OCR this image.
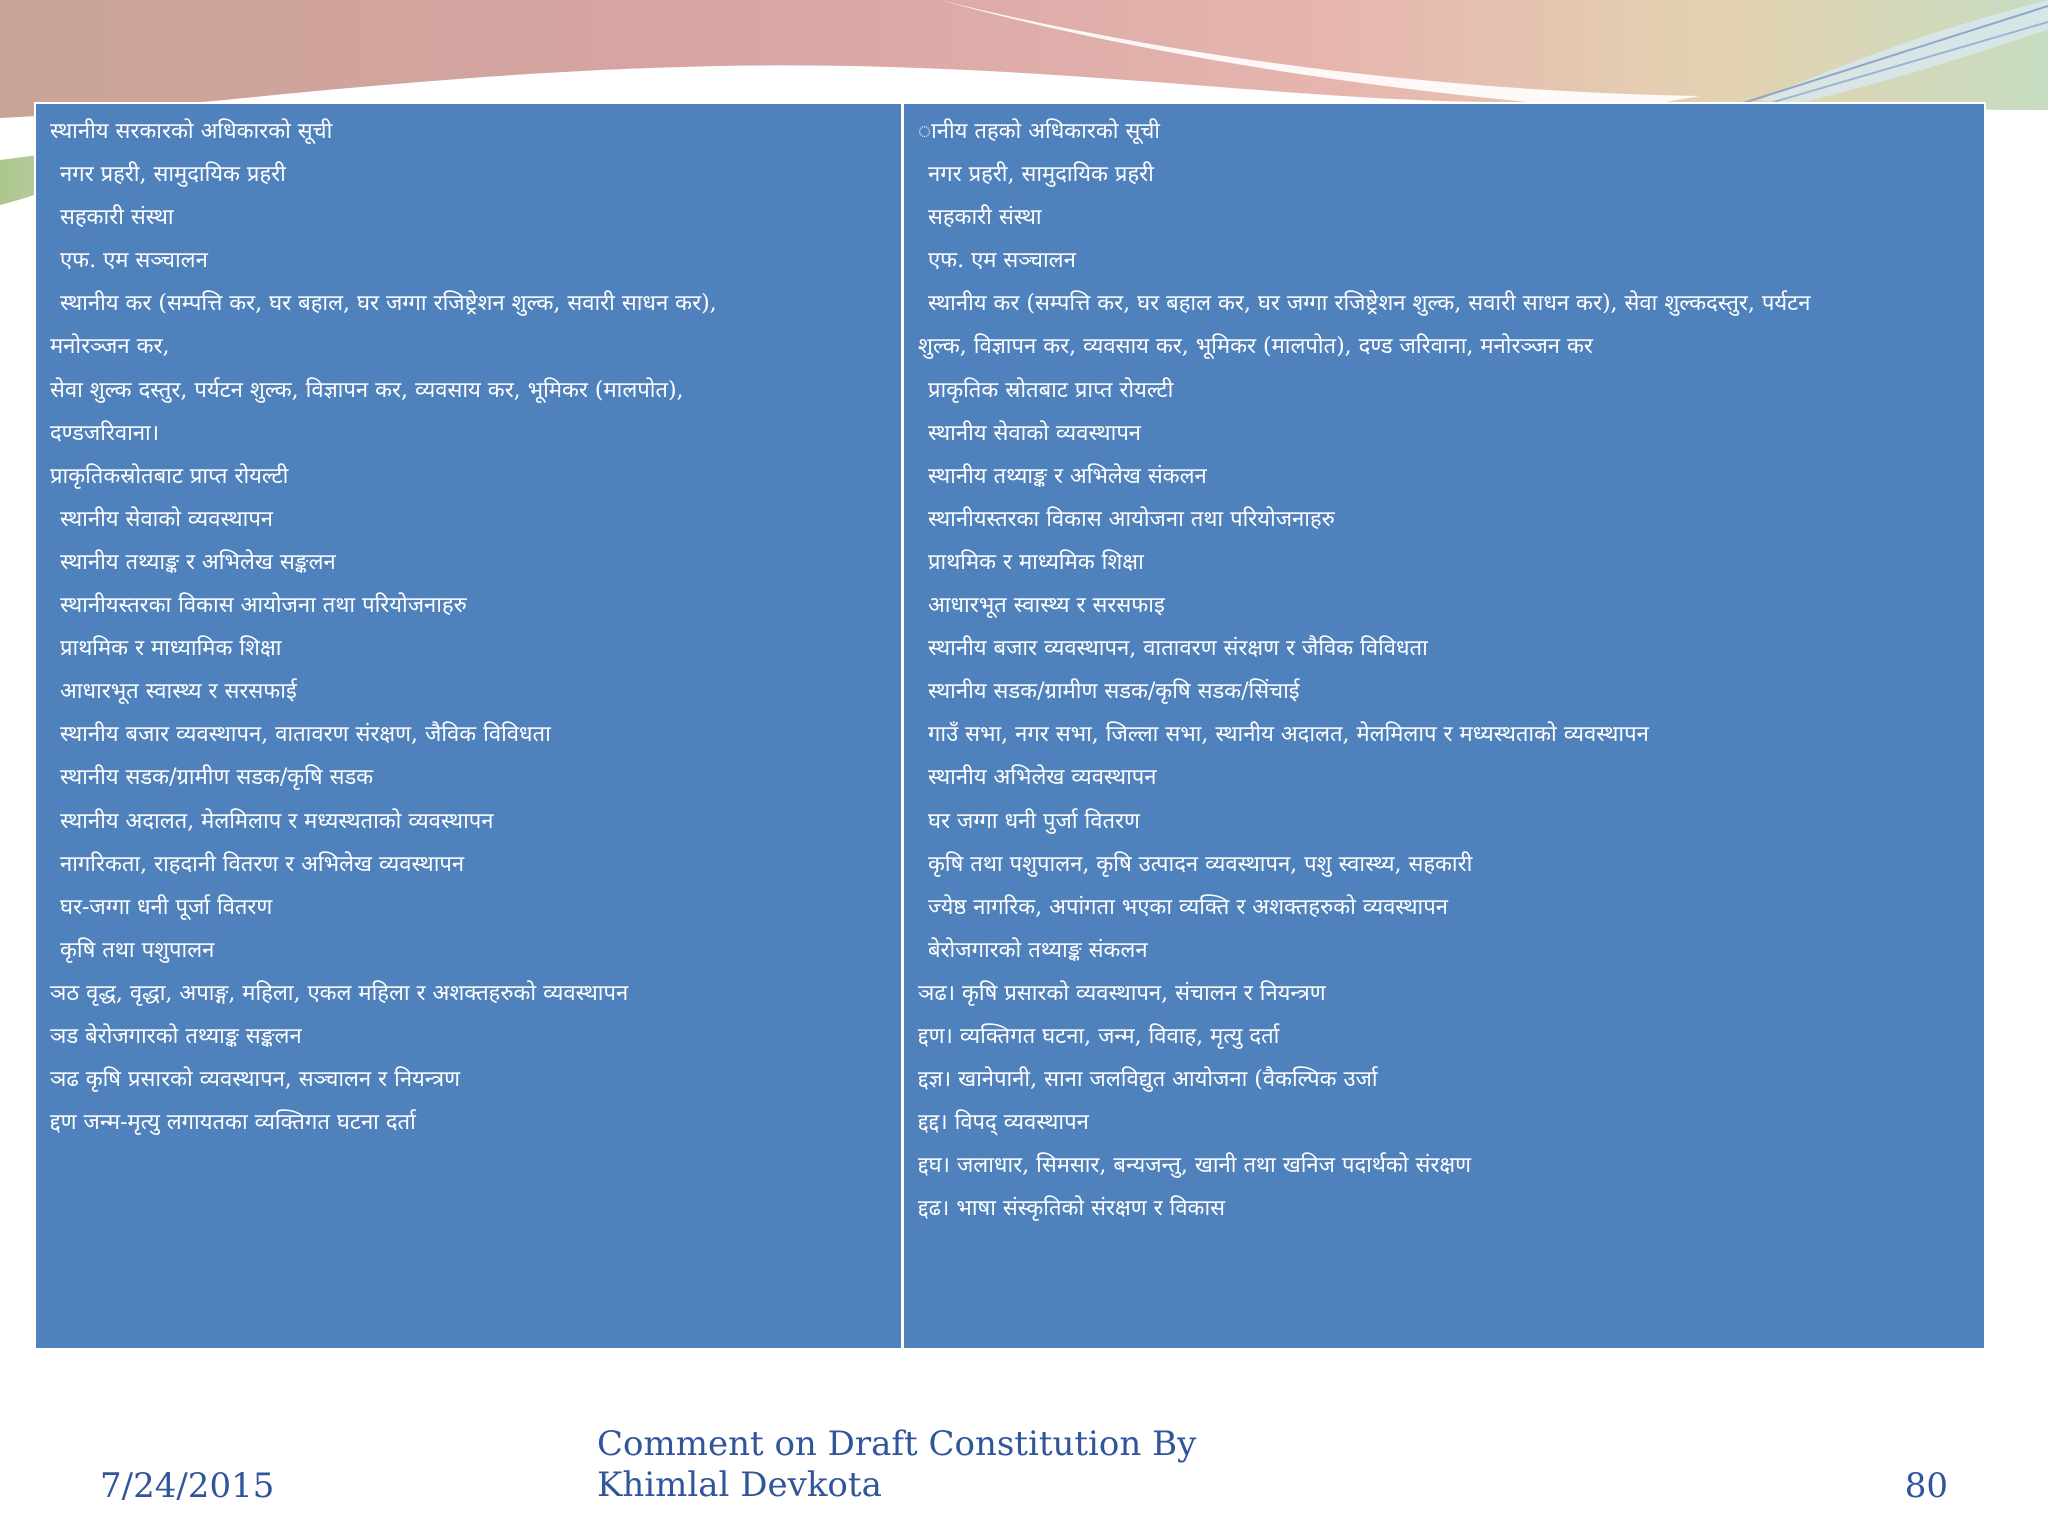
स्थानीय सरकारको अधिकारको सूची
नगर प्रहरी, सामुदायिक प्रहरी
सहकारी संस्था
एफ. एम सञ्चालन
स्थानीय कर (सम्पत्ति कर, घर बहाल, घर जग्गा रजिष्ट्रेशन शुल्क, सवारी साधन कर),
मनोरञ्जन कर,
सेवा शुल्क दस्तुर, पर्यटन शुल्क, विज्ञापन कर, व्यवसाय कर, भूमिकर (मालपोत),
दण्डजरिवाना।
प्राकृतिकस्रोतबाट प्राप्त रोयल्टी
स्थानीय सेवाको व्यवस्थापन
स्थानीय तथ्याङ्क र अभिलेख सङ्कलन
स्थानीयस्तरका विकास आयोजना तथा परियोजनाहरु
प्राथमिक र माध्यामिक शिक्षा
आधारभूत स्वास्थ्य र सरसफाई
स्थानीय बजार व्यवस्थापन, वातावरण संरक्षण, जैविक विविधता
स्थानीय सडक/ग्रामीण सडक/कृषि सडक
स्थानीय अदालत, मेलमिलाप र मध्यस्थताको व्यवस्थापन
नागरिकता, राहदानी वितरण र अभिलेख व्यवस्थापन
घर-जग्गा धनी पूर्जा वितरण
कृषि तथा पशुपालन
ञठ वृद्ध, वृद्धा, अपाङ्ग, महिला, एकल महिला र अशक्तहरुको व्यवस्थापन
ञड बेरोजगारको तथ्याङ्क सङ्कलन
ञढ कृषि प्रसारको व्यवस्थापन, सञ्चालन र नियन्त्रण
द्दण जन्म-मृत्यु लगायतका व्यक्तिगत घटना दर्ता
ानीय तहको अधिकारको सूची
नगर प्रहरी, सामुदायिक प्रहरी
सहकारी संस्था
एफ. एम सञ्चालन
स्थानीय कर (सम्पत्ति कर, घर बहाल कर, घर जग्गा रजिष्ट्रेशन शुल्क, सवारी साधन कर), सेवा शुल्कदस्तुर, पर्यटन
शुल्क, विज्ञापन कर, व्यवसाय कर, भूमिकर (मालपोत), दण्ड जरिवाना, मनोरञ्जन कर
प्राकृतिक स्रोतबाट प्राप्त रोयल्टी
स्थानीय सेवाको व्यवस्थापन
स्थानीय तथ्याङ्क र अभिलेख संकलन
स्थानीयस्तरका विकास आयोजना तथा परियोजनाहरु
प्राथमिक र माध्यमिक शिक्षा
आधारभूत स्वास्थ्य र सरसफाइ
स्थानीय बजार व्यवस्थापन, वातावरण संरक्षण र जैविक विविधता
स्थानीय सडक/ग्रामीण सडक/कृषि सडक/सिंचाई
गाउँ सभा, नगर सभा, जिल्ला सभा, स्थानीय अदालत, मेलमिलाप र मध्यस्थताको व्यवस्थापन
स्थानीय अभिलेख व्यवस्थापन
घर जग्गा धनी पुर्जा वितरण
कृषि तथा पशुपालन, कृषि उत्पादन व्यवस्थापन, पशु स्वास्थ्य, सहकारी
ज्येष्ठ नागरिक, अपांगता भएका व्यक्ति र अशक्तहरुको व्यवस्थापन
बेरोजगारको तथ्याङ्क संकलन
ञढ। कृषि प्रसारको व्यवस्थापन, संचालन र नियन्त्रण
द्दण। व्यक्तिगत घटना, जन्म, विवाह, मृत्यु दर्ता
द्दज्ञ। खानेपानी, साना जलविद्युत आयोजना (वैकल्पिक उर्जा
द्दद्द। विपद् व्यवस्थापन
द्दघ। जलाधार, सिमसार, बन्यजन्तु, खानी तथा खनिज पदार्थको संरक्षण
द्दढ। भाषा संस्कृतिको संरक्षण र विकास
7/24/2015
Comment on Draft Constitution By Khimlal Devkota	80
